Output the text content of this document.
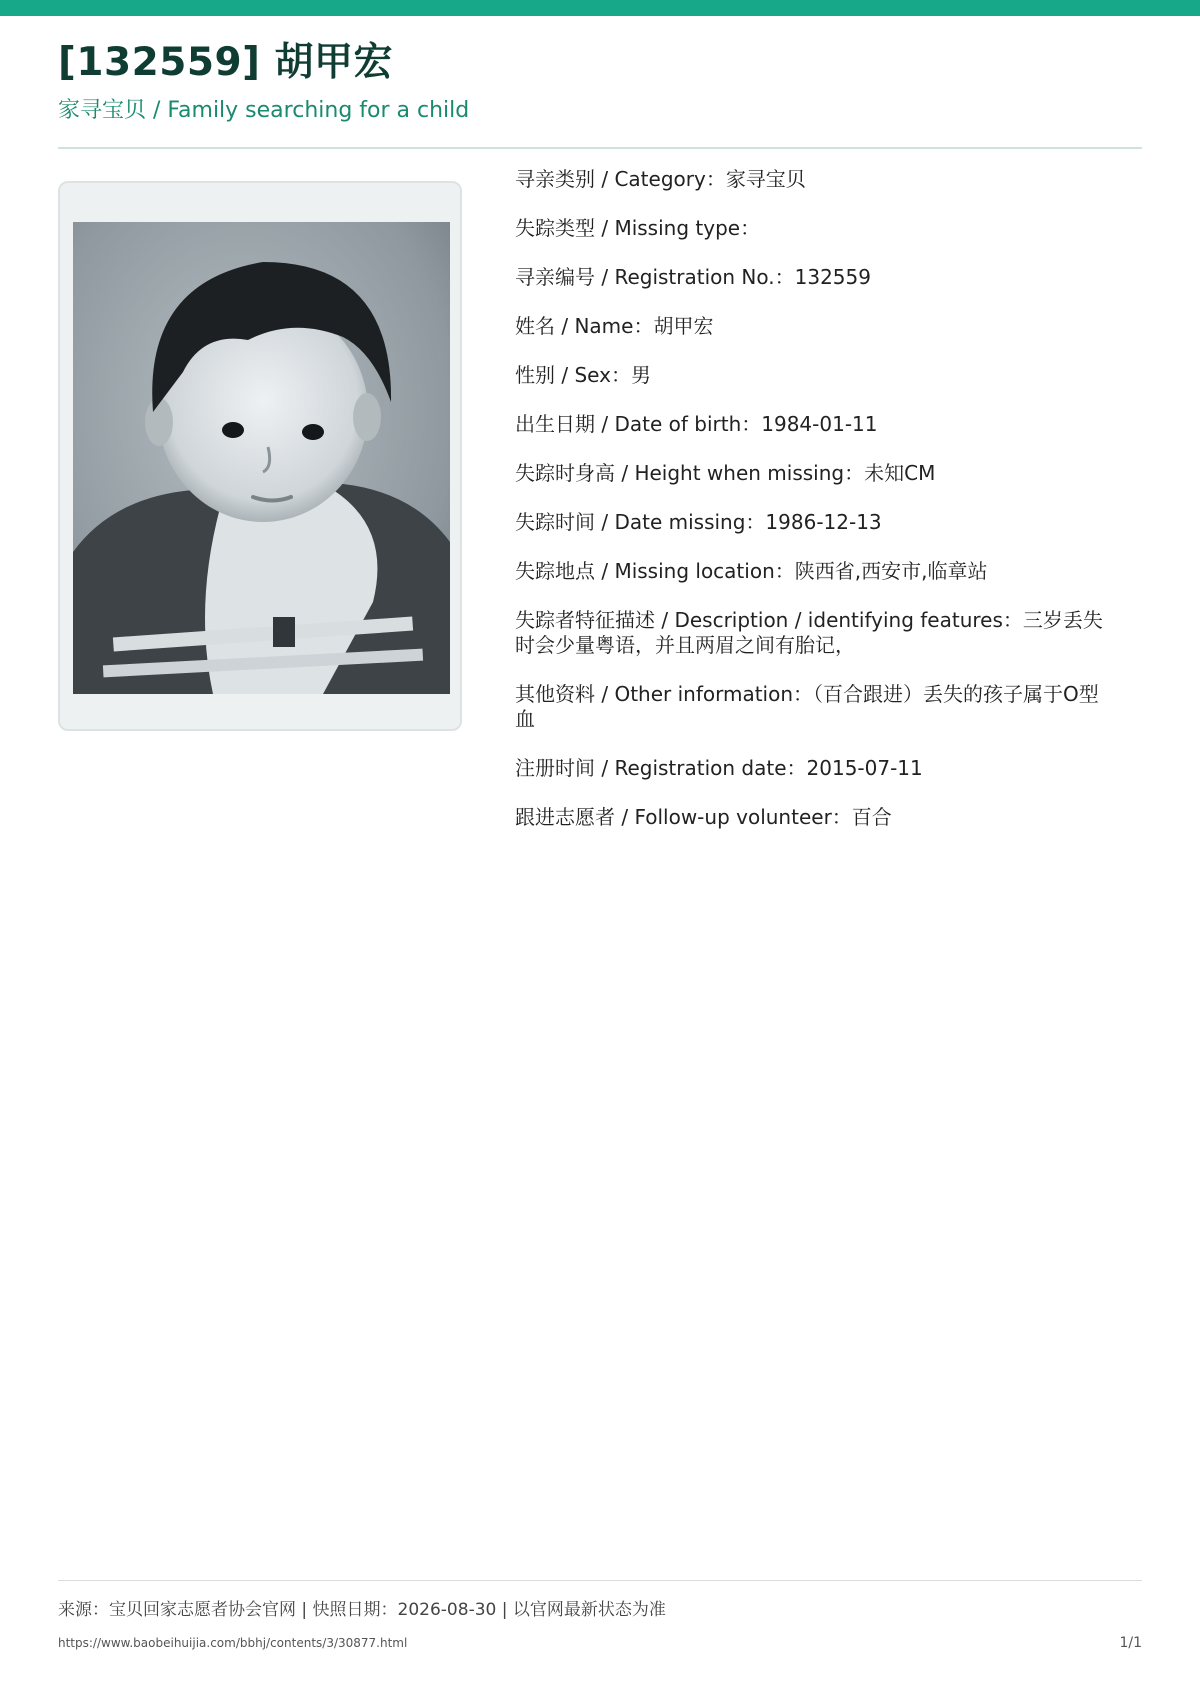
[132559] 胡甲宏
家寻宝贝 / Family searching for a child
寻亲类别 / Category：家寻宝贝
失踪类型 / Missing type：
寻亲编号 / Registration No.：132559
姓名 / Name：胡甲宏
性别 / Sex：男
出生日期 / Date of birth：1984-01-11
失踪时身高 / Height when missing：未知CM
失踪时间 / Date missing：1986-12-13
失踪地点 / Missing location：陕西省,西安市,临章站
失踪者特征描述 / Description / identifying features：三岁丢失时会少量粤语，并且两眉之间有胎记，
其他资料 / Other information：（百合跟进）丢失的孩子属于O型血
注册时间 / Registration date：2015-07-11
跟进志愿者 / Follow-up volunteer：百合
来源：宝贝回家志愿者协会官网 | 快照日期：2026-08-30 | 以官网最新状态为准
https://www.baobeihuijia.com/bbhj/contents/3/30877.html	1/1
